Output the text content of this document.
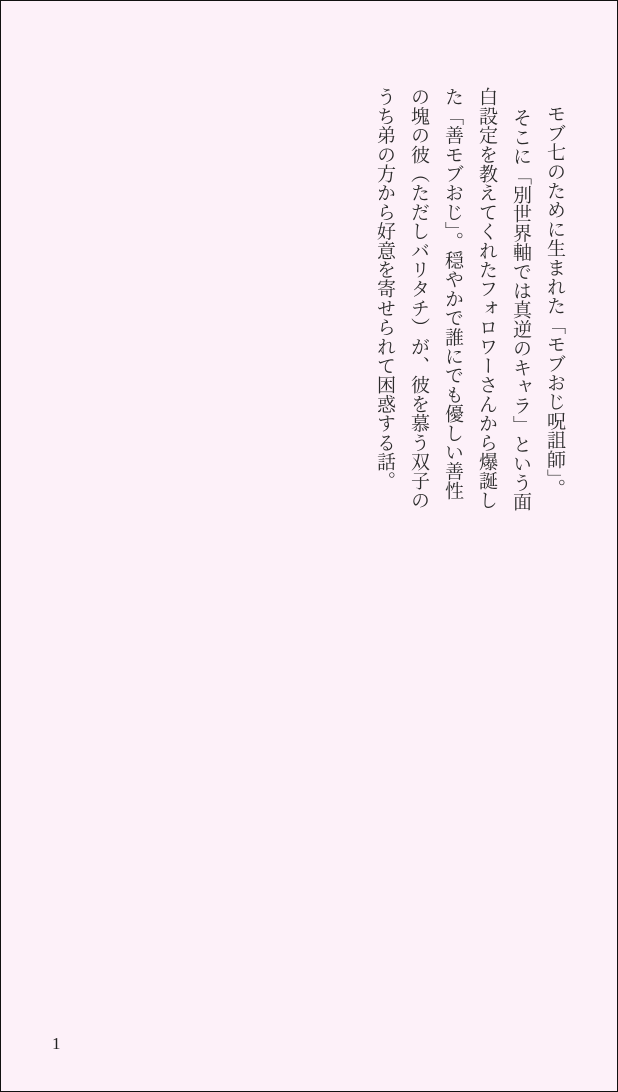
モブ七のために生まれた「モブおじ呪詛師」。
そこに「別世界軸では真逆のキャラ」という面
白設定を教えてくれたフォロワーさんから爆誕し
た「善モブおじ」。穏やかで誰にでも優しい善性
の塊の彼（ただしバリタチ）が、彼を慕う双子の
うち弟の方から好意を寄せられて困惑する話。
1
